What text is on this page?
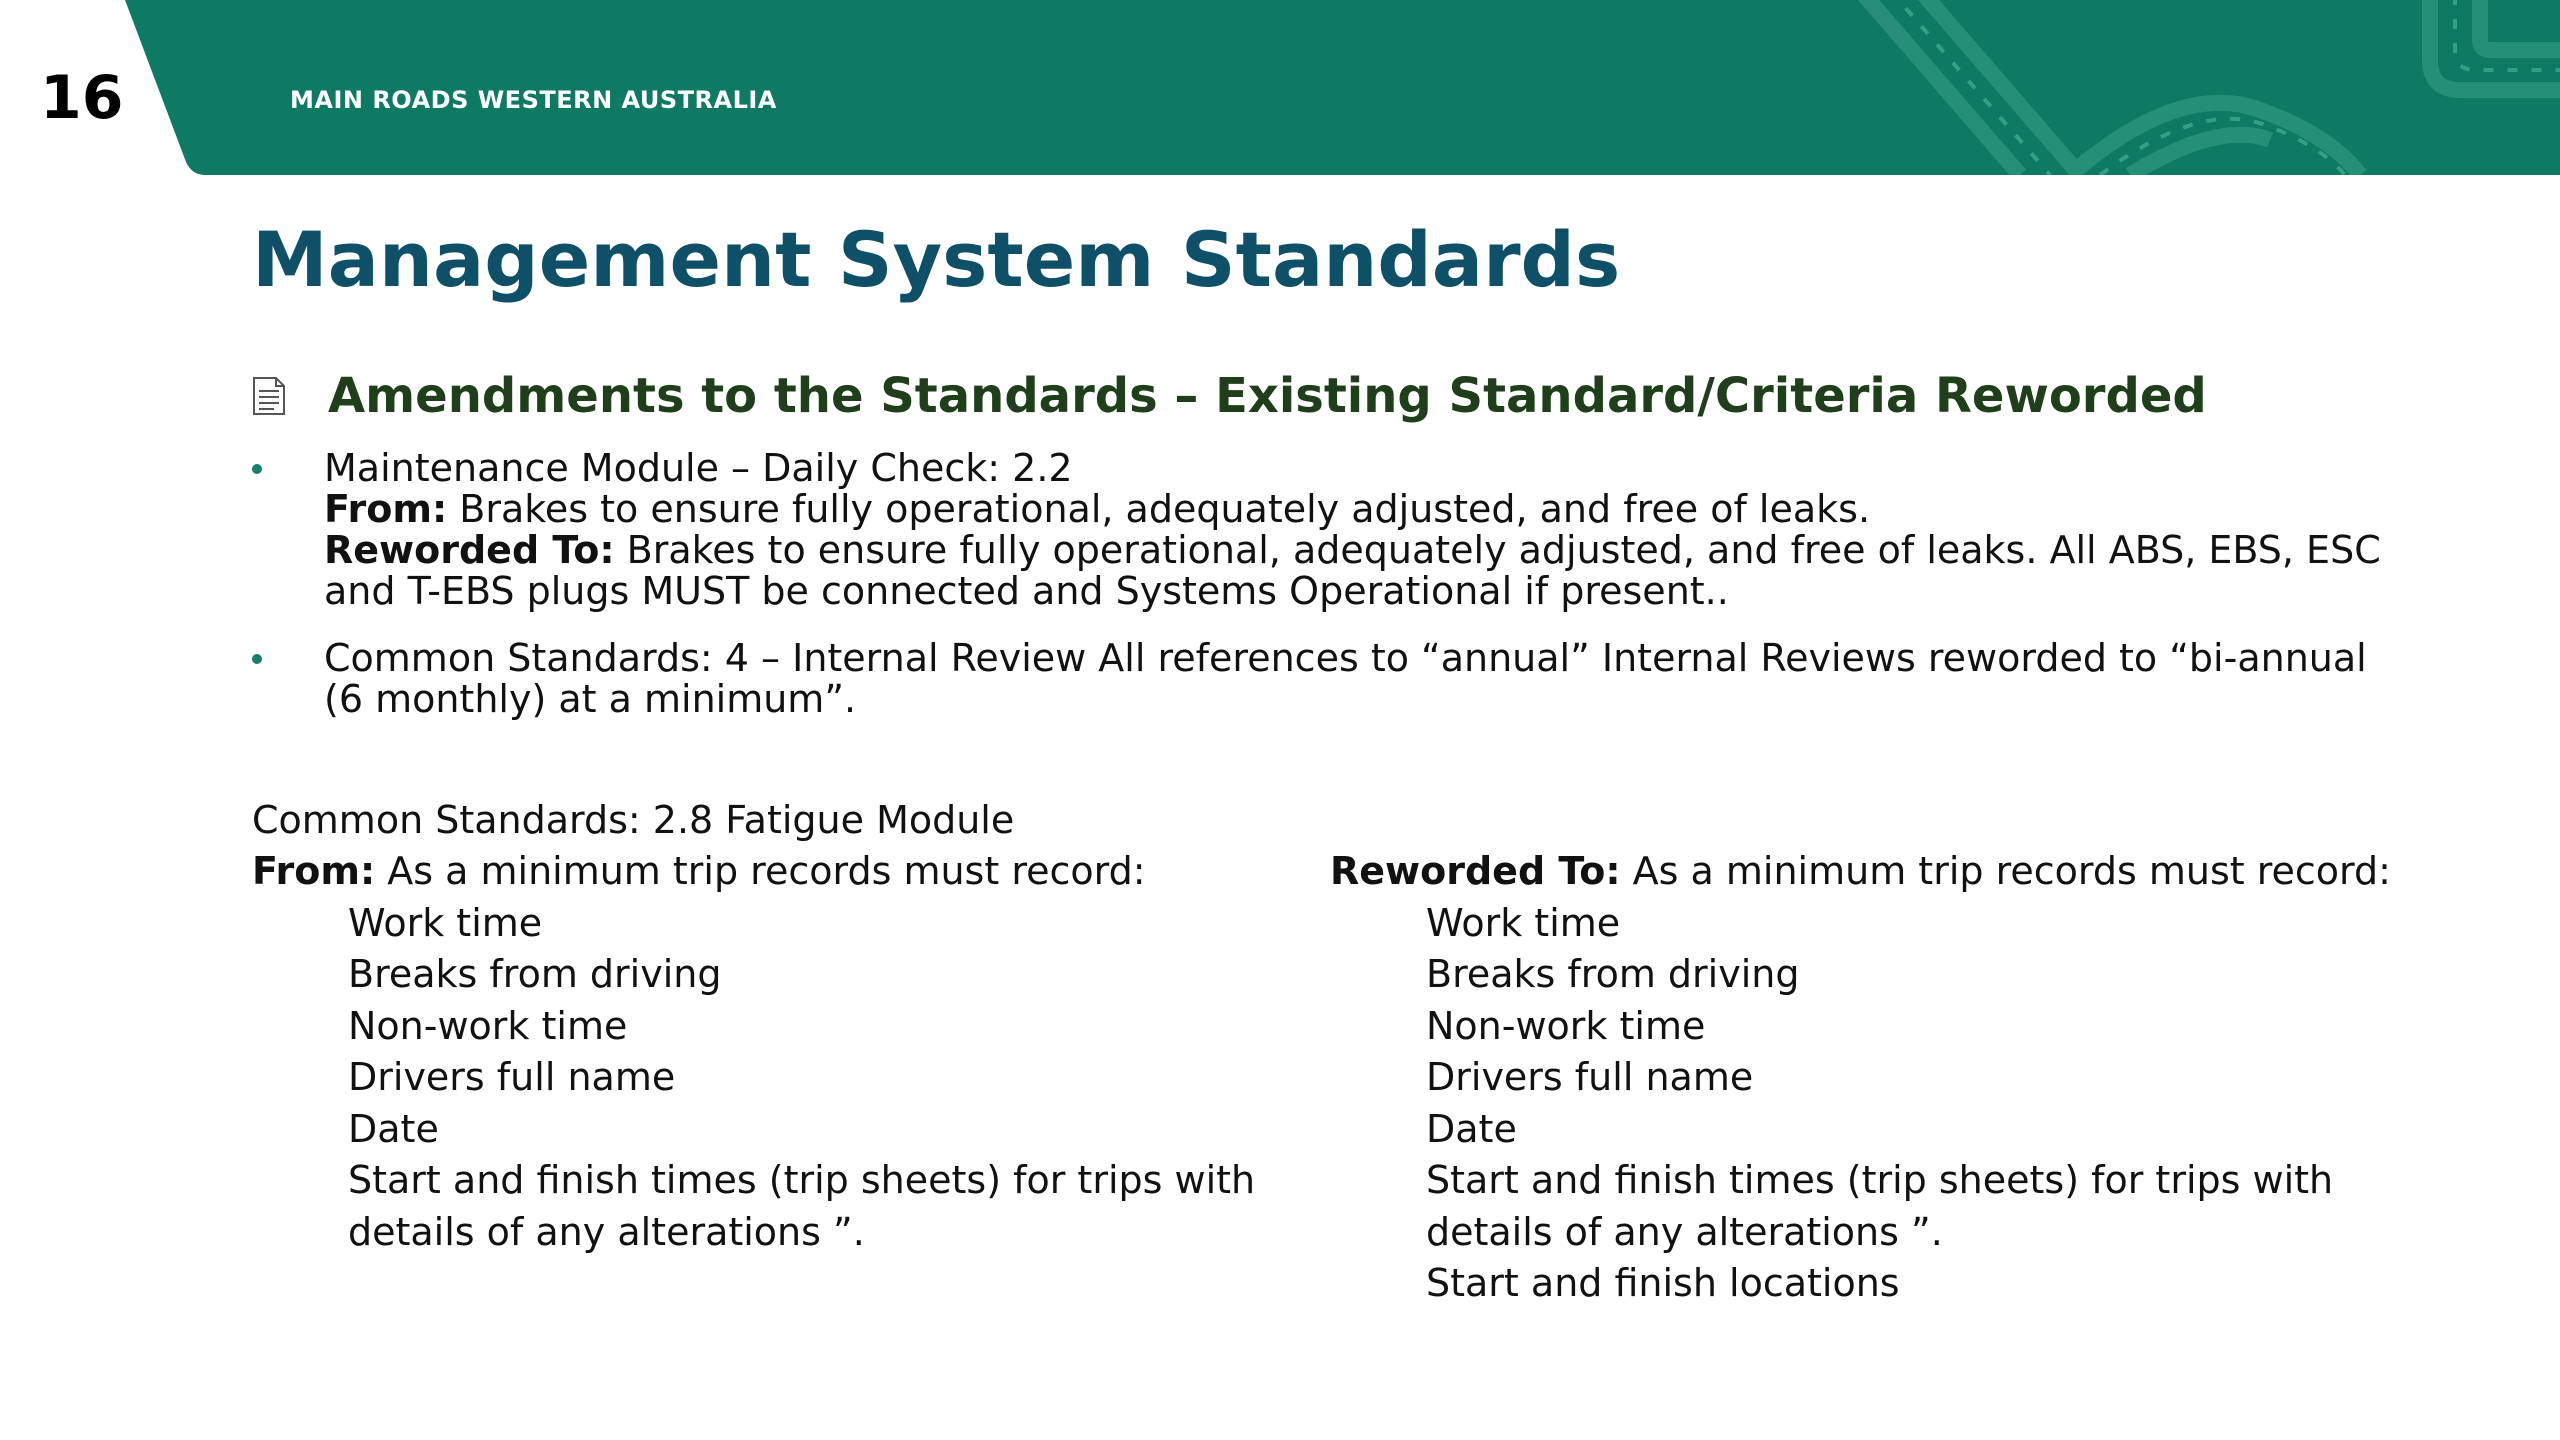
16	MAIN ROADS WESTERN AUSTRALIA
Management System Standards
Amendments to the Standards – Existing Standard/Criteria Reworded
Maintenance Module – Daily Check: 2.2
From: Brakes to ensure fully operational, adequately adjusted, and free of leaks.
Reworded To: Brakes to ensure fully operational, adequately adjusted, and free of leaks. All ABS, EBS, ESC
and T-EBS plugs MUST be connected and Systems Operational if present..
Common Standards: 4 – Internal Review All references to “annual” Internal Reviews reworded to “bi-annual
(6 monthly) at a minimum”.
Common Standards: 2.8 Fatigue Module
From: As a minimum trip records must record:
Work time
Breaks from driving
Non-work time
Drivers full name
Date
Start and finish times (trip sheets) for trips with
details of any alterations ”.
Reworded To: As a minimum trip records must record:
Work time
Breaks from driving
Non-work time
Drivers full name
Date
Start and finish times (trip sheets) for trips with
details of any alterations ”.
Start and finish locations
